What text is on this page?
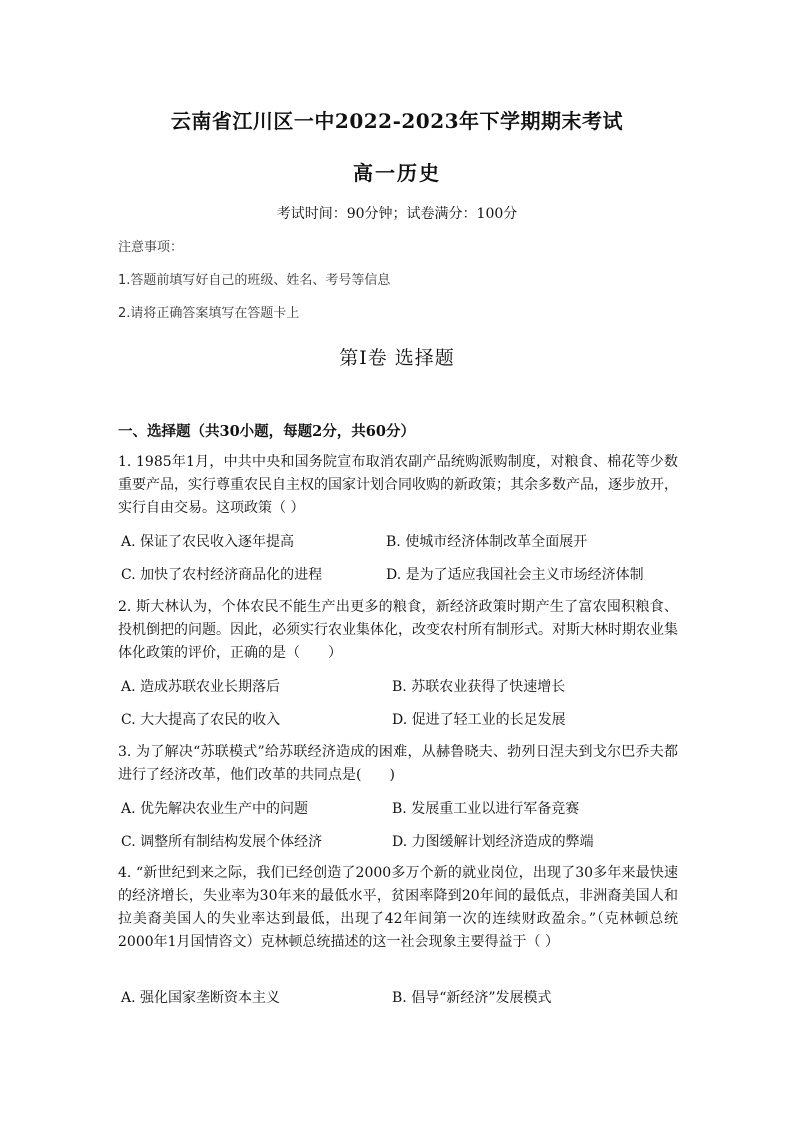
云南省江川区一中2022-2023年下学期期末考试
高一历史
考试时间：90分钟；试卷满分：100分
注意事项：
1.答题前填写好自己的班级、姓名、考号等信息
2.请将正确答案填写在答题卡上
第Ⅰ卷 选择题
一、选择题（共30小题，每题2分，共60分）
1. 1985年1月，中共中央和国务院宣布取消农副产品统购派购制度，对粮食、棉花等少数重要产品，实行尊重农民自主权的国家计划合同收购的新政策；其余多数产品，逐步放开，实行自由交易。这项政策（ ）
A. 保证了农民收入逐年提高	B. 使城市经济体制改革全面展开
C. 加快了农村经济商品化的进程	D. 是为了适应我国社会主义市场经济体制
2. 斯大林认为，个体农民不能生产出更多的粮食，新经济政策时期产生了富农囤积粮食、投机倒把的问题。因此，必须实行农业集体化，改变农村所有制形式。对斯大林时期农业集体化政策的评价，正确的是（　　）
A. 造成苏联农业长期落后	B. 苏联农业获得了快速增长
C. 大大提高了农民的收入	D. 促进了轻工业的长足发展
3. 为了解决“苏联模式”给苏联经济造成的困难，从赫鲁晓夫、勃列日涅夫到戈尔巴乔夫都进行了经济改革，他们改革的共同点是(　　)
A. 优先解决农业生产中的问题	B. 发展重工业以进行军备竞赛
C. 调整所有制结构发展个体经济	D. 力图缓解计划经济造成的弊端
4. “新世纪到来之际，我们已经创造了2000多万个新的就业岗位，出现了30多年来最快速的经济增长，失业率为30年来的最低水平，贫困率降到20年间的最低点，非洲裔美国人和拉美裔美国人的失业率达到最低，出现了42年间第一次的连续财政盈余。”（克林顿总统2000年1月国情咨文）克林顿总统描述的这一社会现象主要得益于（ ）
A. 强化国家垄断资本主义	B. 倡导“新经济”发展模式
